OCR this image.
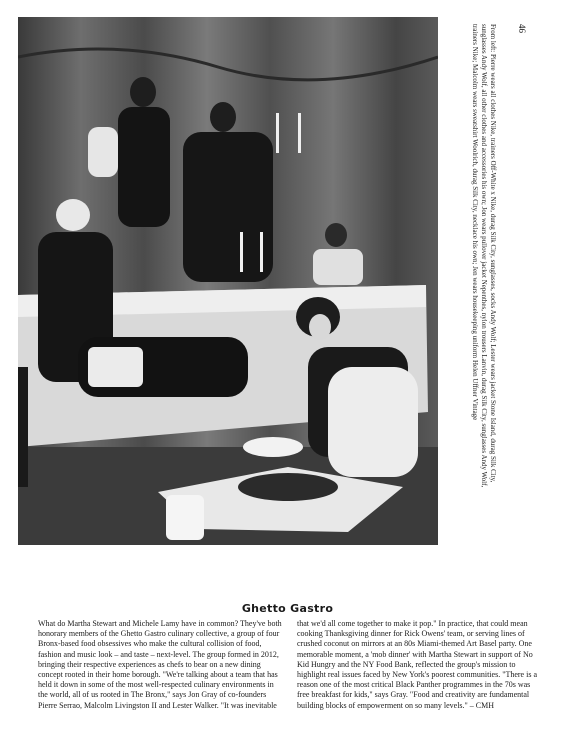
46
From left: Pierre wears all clothes Nike, trainers Off-White x Nike, durag Silk City, sunglasses, socks Andy Wolf; Lester wears jacket Stone Island, durag Silk City, sunglasses Andy Wolf, all other clothes and accessories his own; Jon wears pullover jacket Nepenthes, nylon trousers Lanvin, durag Silk City, sunglasses Andy Wolf, trainers Nike; Malcolm wears sweatshirt Woolrich, durag Silk City, necklace his own; Jen wears housekeeping uniform Helen Uffner Vintage
Ghetto Gastro
What do Martha Stewart and Michele Lamy have in common? They've both honorary members of the Ghetto Gastro culinary collective, a group of four Bronx-based food obsessives who make the cultural collision of food, fashion and music look – and taste – next-level. The group formed in 2012, bringing their respective experiences as chefs to bear on a new dining concept rooted in their home borough. "We're talking about a team that has held it down in some of the most well-respected culinary environments in the world, all of us rooted in The Bronx," says Jon Gray of co-founders Pierre Serrao, Malcolm Livingston II and Lester Walker. "It was inevitable that we'd all come together to make it pop." In practice, that could mean cooking Thanksgiving dinner for Rick Owens' team, or serving lines of crushed coconut on mirrors at an 80s Miami-themed Art Basel party. One memorable moment, a 'mob dinner' with Martha Stewart in support of No Kid Hungry and the NY Food Bank, reflected the group's mission to highlight real issues faced by New York's poorest communities. "There is a reason one of the most critical Black Panther programmes in the 70s was free breakfast for kids," says Gray. "Food and creativity are fundamental building blocks of empowerment on so many levels." – CMH
